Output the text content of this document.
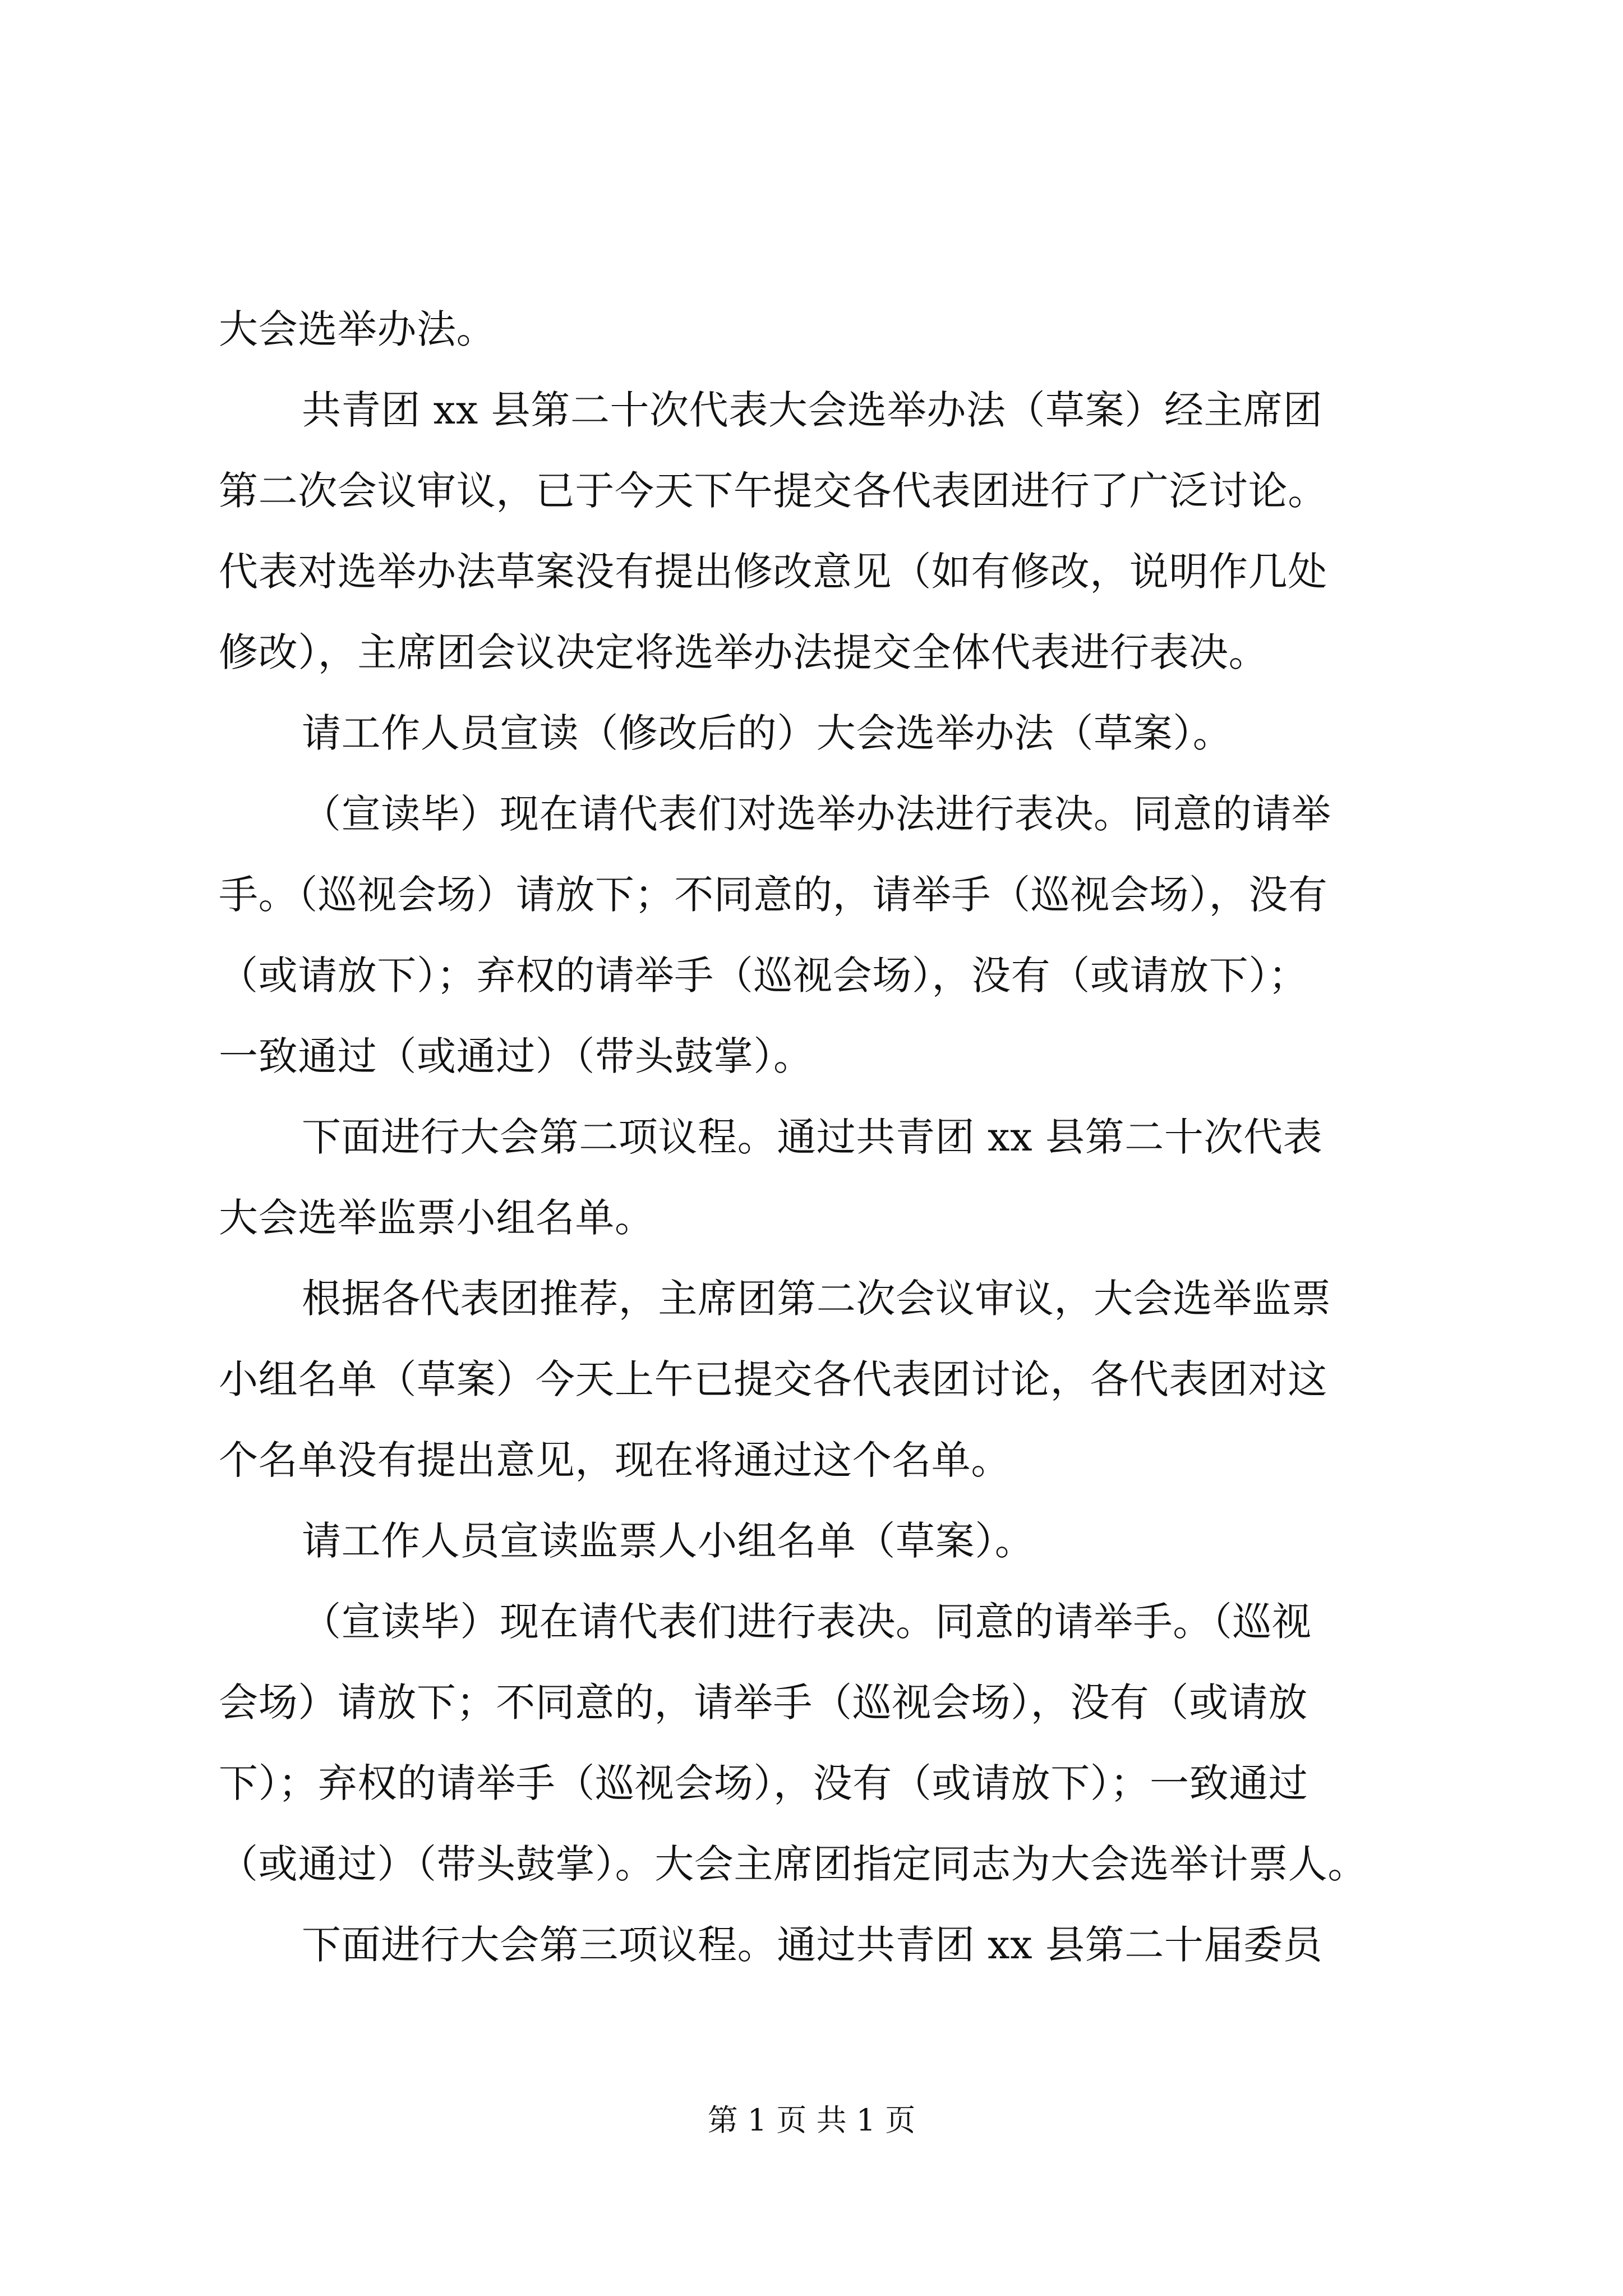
大会选举办法。
共青团 xx 县第二十次代表大会选举办法（草案）经主席团
第二次会议审议，已于今天下午提交各代表团进行了广泛讨论。
代表对选举办法草案没有提出修改意见（如有修改，说明作几处
修改），主席团会议决定将选举办法提交全体代表进行表决。
请工作人员宣读（修改后的）大会选举办法（草案）。
（宣读毕）现在请代表们对选举办法进行表决。同意的请举
手。（巡视会场）请放下；不同意的，请举手（巡视会场），没有
（或请放下）；弃权的请举手（巡视会场），没有（或请放下）；
一致通过（或通过）（带头鼓掌）。
下面进行大会第二项议程。通过共青团 xx 县第二十次代表
大会选举监票小组名单。
根据各代表团推荐，主席团第二次会议审议，大会选举监票
小组名单（草案）今天上午已提交各代表团讨论，各代表团对这
个名单没有提出意见，现在将通过这个名单。
请工作人员宣读监票人小组名单（草案）。
（宣读毕）现在请代表们进行表决。同意的请举手。（巡视
会场）请放下；不同意的，请举手（巡视会场），没有（或请放
下）；弃权的请举手（巡视会场），没有（或请放下）；一致通过
（或通过）（带头鼓掌）。大会主席团指定同志为大会选举计票人。
下面进行大会第三项议程。通过共青团 xx 县第二十届委员
第 1 页 共 1 页
